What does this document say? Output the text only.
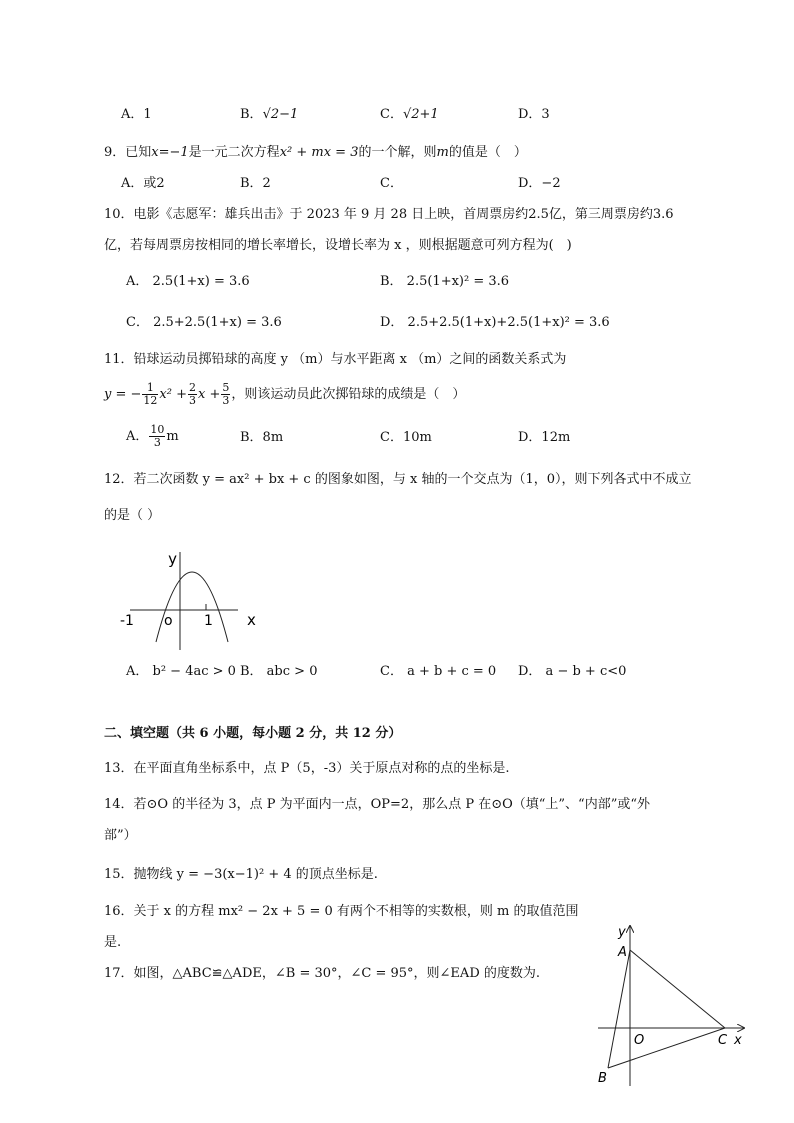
A．1	B．√2−1	C．√2+1	D．3
9．已知x=−1是一元二次方程x² + mx = 3的一个解，则m的值是（　）
A．或2	B．2	C．	D．−2
10．电影《志愿军：雄兵出击》于 2023 年 9 月 28 日上映，首周票房约2.5亿，第三周票房约3.6
亿，若每周票房按相同的增长率增长，设增长率为 x ，则根据题意可列方程为(　)
A． 2.5(1+x) = 3.6	B． 2.5(1+x)² = 3.6
C． 2.5+2.5(1+x) = 3.6	D． 2.5+2.5(1+x)+2.5(1+x)² = 3.6
11．铅球运动员掷铅球的高度 y （m）与水平距离 x （m）之间的函数关系式为
y = − $\frac{1}{12} x^2 + \frac{2}{3}$ $x + \frac{5}{3}$ ，则该运动员此次掷铅球的成绩是（　）
A． $\frac{10}{3}$ m	B．8m	C．10m	D．12m
12．若二次函数 y = ax² + bx + c 的图象如图，与 x 轴的一个交点为（1，0），则下列各式中不成立
的是（ ）
y
x
o
-1	1
A． b² − 4ac > 0 B． abc > 0	C． a + b + c = 0 D． a − b + c<0
二、填空题（共 6 小题，每小题 2 分，共 12 分）
13．在平面直角坐标系中，点 P（5，-3）关于原点对称的点的坐标是.
14．若⊙O 的半径为 3，点 P 为平面内一点，OP=2，那么点 P 在⊙O（填“上”、“内部”或“外
部”）
15．抛物线 y = −3(x−1)² + 4 的顶点坐标是.
16．关于 x 的方程 mx² − 2x + 5 = 0 有两个不相等的实数根，则 m 的取值范围
是.
17．如图，△ABC≌△ADE，∠B = 30°，∠C = 95°，则∠EAD 的度数为.
y
x
A
B
C
O
